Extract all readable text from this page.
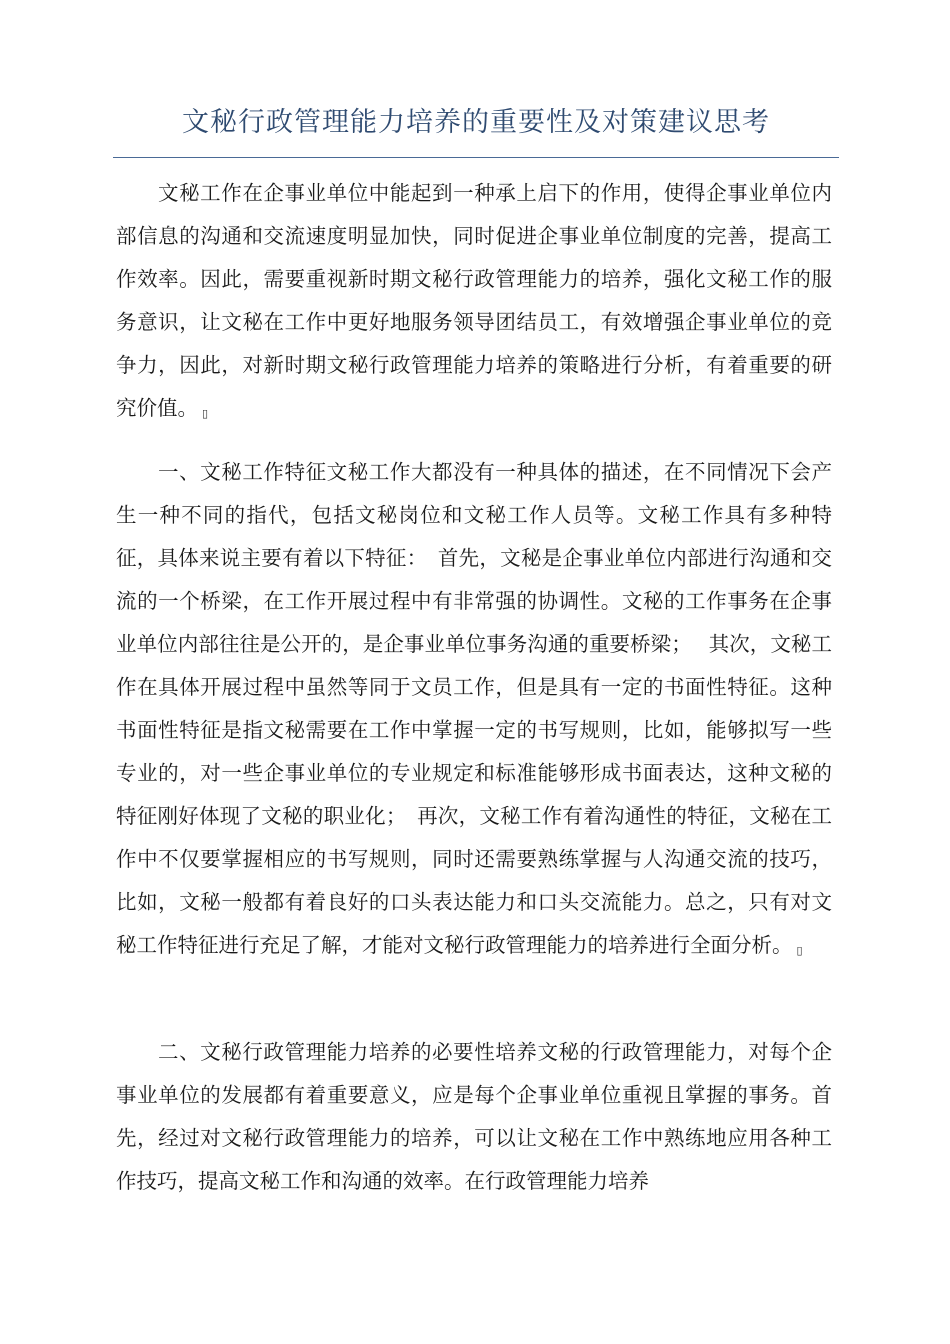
文秘行政管理能力培养的重要性及对策建议思考

文秘工作在企事业单位中能起到一种承上启下的作用，使得企事业单位内部信息的沟通和交流速度明显加快，同时促进企事业单位制度的完善，提高工作效率。因此，需要重视新时期文秘行政管理能力的培养，强化文秘工作的服务意识，让文秘在工作中更好地服务领导团结员工，有效增强企事业单位的竞争力，因此，对新时期文秘行政管理能力培养的策略进行分析，有着重要的研究价值。 ▯

一、文秘工作特征文秘工作大都没有一种具体的描述，在不同情况下会产生一种不同的指代，包括文秘岗位和文秘工作人员等。文秘工作具有多种特征，具体来说主要有着以下特征：　首先，文秘是企事业单位内部进行沟通和交流的一个桥梁，在工作开展过程中有非常强的协调性。文秘的工作事务在企事业单位内部往往是公开的，是企事业单位事务沟通的重要桥梁；　 其次，文秘工作在具体开展过程中虽然等同于文员工作，但是具有一定的书面性特征。这种书面性特征是指文秘需要在工作中掌握一定的书写规则，比如，能够拟写一些专业的，对一些企事业单位的专业规定和标准能够形成书面表达，这种文秘的特征刚好体现了文秘的职业化；　再次，文秘工作有着沟通性的特征，文秘在工作中不仅要掌握相应的书写规则，同时还需要熟练掌握与人沟通交流的技巧，比如，文秘一般都有着良好的口头表达能力和口头交流能力。总之，只有对文秘工作特征进行充足了解，才能对文秘行政管理能力的培养进行全面分析。 ▯

二、文秘行政管理能力培养的必要性培养文秘的行政管理能力，对每个企事业单位的发展都有着重要意义，应是每个企事业单位重视且掌握的事务。首先，经过对文秘行政管理能力的培养，可以让文秘在工作中熟练地应用各种工作技巧，提高文秘工作和沟通的效率。在行政管理能力培养
